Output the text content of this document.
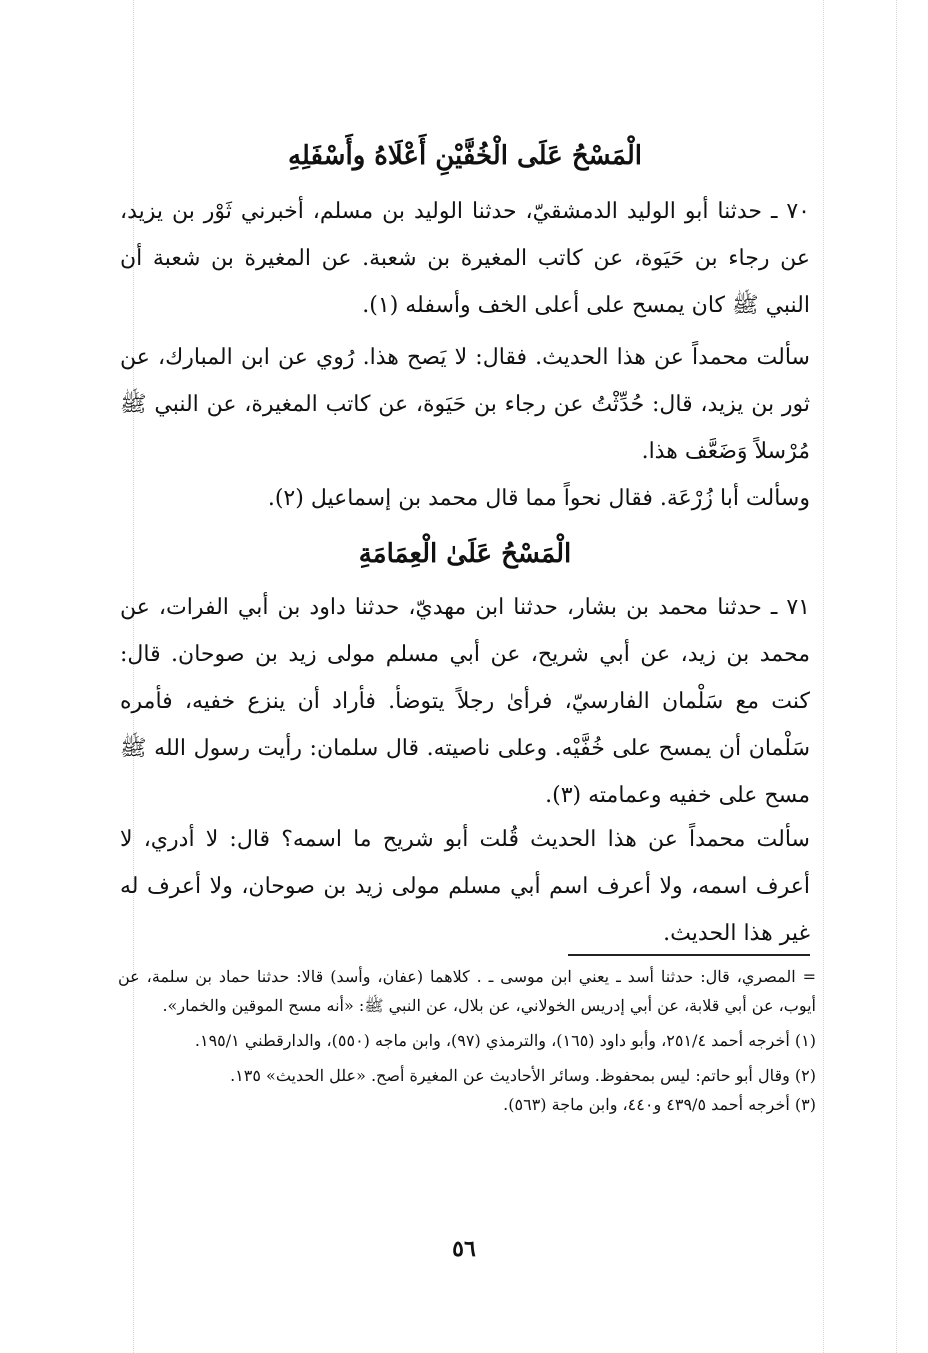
الْمَسْحُ عَلَى الْخُفَّيْنِ أَعْلَاهُ وأَسْفَلِهِ

٧٠ ـ حدثنا أبو الوليد الدمشقيّ، حدثنا الوليد بن مسلم، أخبرني ثَوْر بن يزيد، عن رجاء بن حَيَوة، عن كاتب المغيرة بن شعبة. عن المغيرة بن شعبة أن النبي ﷺ كان يمسح على أعلى الخف وأسفله (١).

سألت محمداً عن هذا الحديث. فقال: لا يَصح هذا. رُوي عن ابن المبارك، عن ثور بن يزيد، قال: حُدِّثْتُ عن رجاء بن حَيَوة، عن كاتب المغيرة، عن النبي ﷺ مُرْسلاً وَضَعَّف هذا.

وسألت أبا زُرْعَة. فقال نحواً مما قال محمد بن إسماعيل (٢).

الْمَسْحُ عَلَىٰ الْعِمَامَةِ

٧١ ـ حدثنا محمد بن بشار، حدثنا ابن مهديّ، حدثنا داود بن أبي الفرات، عن محمد بن زيد، عن أبي شريح، عن أبي مسلم مولى زيد بن صوحان. قال: كنت مع سَلْمان الفارسيّ، فرأىٰ رجلاً يتوضأ. فأراد أن ينزع خفيه، فأمره سَلْمان أن يمسح على خُفَّيْه. وعلى ناصيته. قال سلمان: رأيت رسول الله ﷺ مسح على خفيه وعمامته (٣).

سألت محمداً عن هذا الحديث قُلت أبو شريح ما اسمه؟ قال: لا أدري، لا أعرف اسمه، ولا أعرف اسم أبي مسلم مولى زيد بن صوحان، ولا أعرف له غير هذا الحديث.

= المصري، قال: حدثنا أسد ـ يعني ابن موسى ـ . كلاهما (عفان، وأسد) قالا: حدثنا حماد بن سلمة، عن أيوب، عن أبي قلابة، عن أبي إدريس الخولاني، عن بلال، عن النبي ﷺ: «أنه مسح الموقين والخمار».

(١) أخرجه أحمد ٢٥١/٤، وأبو داود (١٦٥)، والترمذي (٩٧)، وابن ماجه (٥٥٠)، والدارقطني ١٩٥/١.

(٢) وقال أبو حاتم: ليس بمحفوظ. وسائر الأحاديث عن المغيرة أصح. «علل الحديث» ١٣٥.

(٣) أخرجه أحمد ٤٣٩/٥ و٤٤٠، وابن ماجة (٥٦٣).

٥٦
